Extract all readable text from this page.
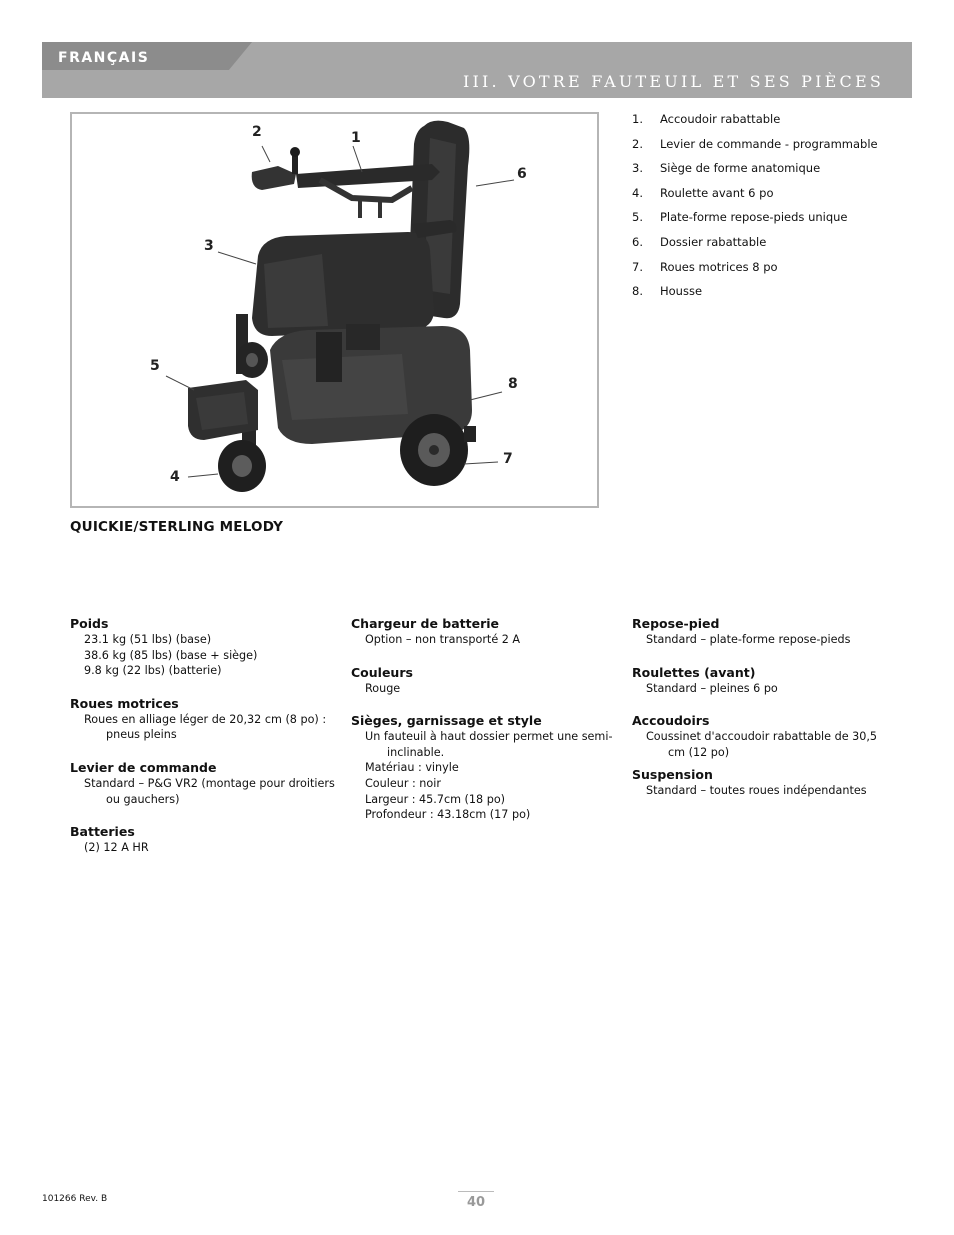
FRANÇAIS
III. VOTRE FAUTEUIL ET SES PIÈCES
1
2
3
4
5
6
7
8
1. Accoudoir rabattable
2. Levier de commande - programmable
3. Siège de forme anatomique
4. Roulette avant 6 po
5. Plate-forme repose-pieds unique
6. Dossier rabattable
7. Roues motrices 8 po
8. Housse
QUICKIE/STERLING MELODY
Poids
23.1 kg (51 lbs) (base)
38.6 kg (85 lbs) (base + siège)
9.8 kg (22 lbs) (batterie)
Roues motrices
Roues en alliage léger de 20,32 cm (8 po) : pneus pleins
Levier de commande
Standard – P&G VR2 (montage pour droitiers ou gauchers)
Batteries
(2) 12 A HR
Chargeur de batterie
Option – non transporté 2 A
Couleurs
Rouge
Sièges, garnissage et style
Un fauteuil à haut dossier permet une semi-inclinable.
Matériau : vinyle
Couleur : noir
Largeur : 45.7cm (18 po)
Profondeur : 43.18cm (17 po)
Repose-pied
Standard – plate-forme repose-pieds
Roulettes (avant)
Standard – pleines 6 po
Accoudoirs
Coussinet d'accoudoir rabattable de 30,5 cm (12 po)
Suspension
Standard – toutes roues indépendantes
101266 Rev. B	40
